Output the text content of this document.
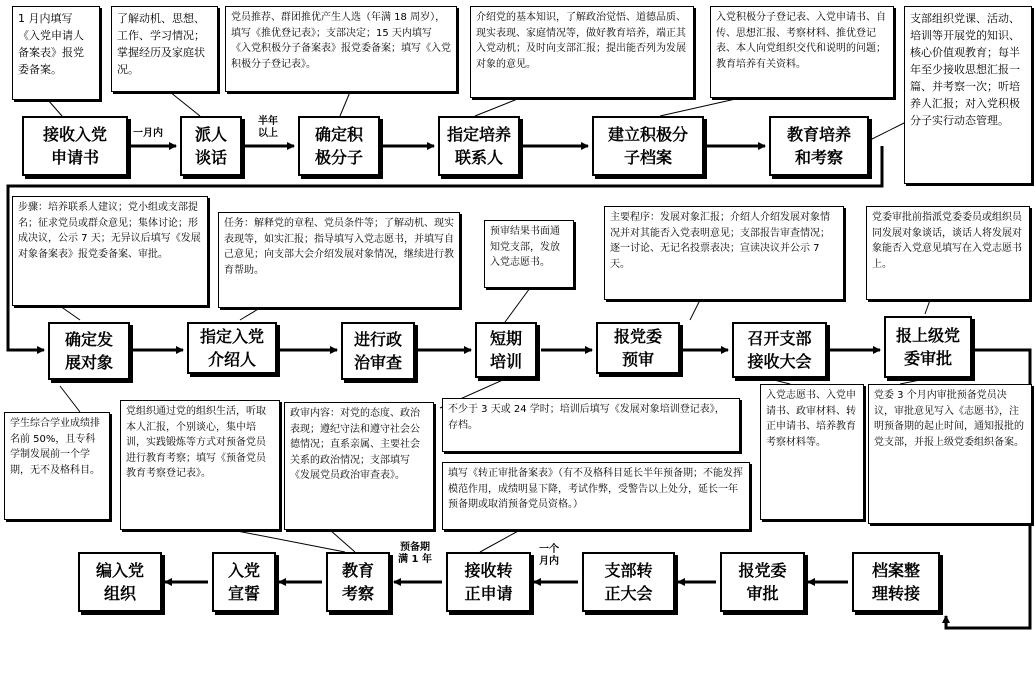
1 月内填写《入党申请人备案表》报党委备案。
了解动机、思想、工作、学习情况；掌握经历及家庭状况。
党员推荐、群团推优产生人选（年满 18 周岁），填写《推优登记表》；支部决定；15 天内填写《入党积极分子备案表》报党委备案；填写《入党积极分子登记表》。
介绍党的基本知识，了解政治觉悟、道德品质、现实表现、家庭情况等，做好教育培养，端正其入党动机；及时向支部汇报；提出能否列为发展对象的意见。
入党积极分子登记表、入党申请书、自传、思想汇报、考察材料、推优登记表、本人向党组织交代和说明的问题；教育培养有关资料。
支部组织党课、活动、培训等开展党的知识、核心价值观教育；每半年至少接收思想汇报一篇、并考察一次；听培养人汇报；对入党积极分子实行动态管理。
接收入党
申请书
派人
谈话
确定积
极分子
指定培养
联系人
建立积极分
子档案
教育培养
和考察
一月内
半年
以上
步骤：培养联系人建议；党小组或支部提名；征求党员或群众意见；集体讨论；形成决议，公示 7 天；无异议后填写《发展对象备案表》报党委备案、审批。
任务：解释党的章程、党员条件等；了解动机、现实表现等，如实汇报；指导填写入党志愿书，并填写自己意见；向支部大会介绍发展对象情况，继续进行教育帮助。
预审结果书面通知党支部，发放入党志愿书。
主要程序：发展对象汇报；介绍人介绍发展对象情况并对其能否入党表明意见；支部报告审查情况；逐一讨论、无记名投票表决；宣读决议并公示 7 天。
党委审批前指派党委委员或组织员同发展对象谈话，谈话人将发展对象能否入党意见填写在入党志愿书上。
确定发
展对象
指定入党
介绍人
进行政
治审查
短期
培训
报党委
预审
召开支部
接收大会
报上级党
委审批
学生综合学业成绩排名前 50%，且专科学制发展前一个学期，无不及格科目。
党组织通过党的组织生活，听取本人汇报，个别谈心，集中培训，实践锻炼等方式对预备党员进行教育考察；填写《预备党员教育考察登记表》。
政审内容：对党的态度、政治表现；遵纪守法和遵守社会公德情况；直系亲属、主要社会关系的政治情况；支部填写《发展党员政治审查表》。
不少于 3 天或 24 学时；培训后填写《发展对象培训登记表》，存档。
入党志愿书、入党申请书、政审材料、转正申请书、培养教育考察材料等。
党委 3 个月内审批预备党员决议，审批意见写入《志愿书》，注明预备期的起止时间，通知报批的党支部，并报上级党委组织备案。
填写《转正审批备案表》（有不及格科目延长半年预备期；不能发挥模范作用，成绩明显下降，考试作弊，受警告以上处分，延长一年预备期或取消预备党员资格。）
编入党
组织
入党
宣誓
教育
考察
接收转
正申请
支部转
正大会
报党委
审批
档案整
理转接
预备期
满 1 年
一个
月内
